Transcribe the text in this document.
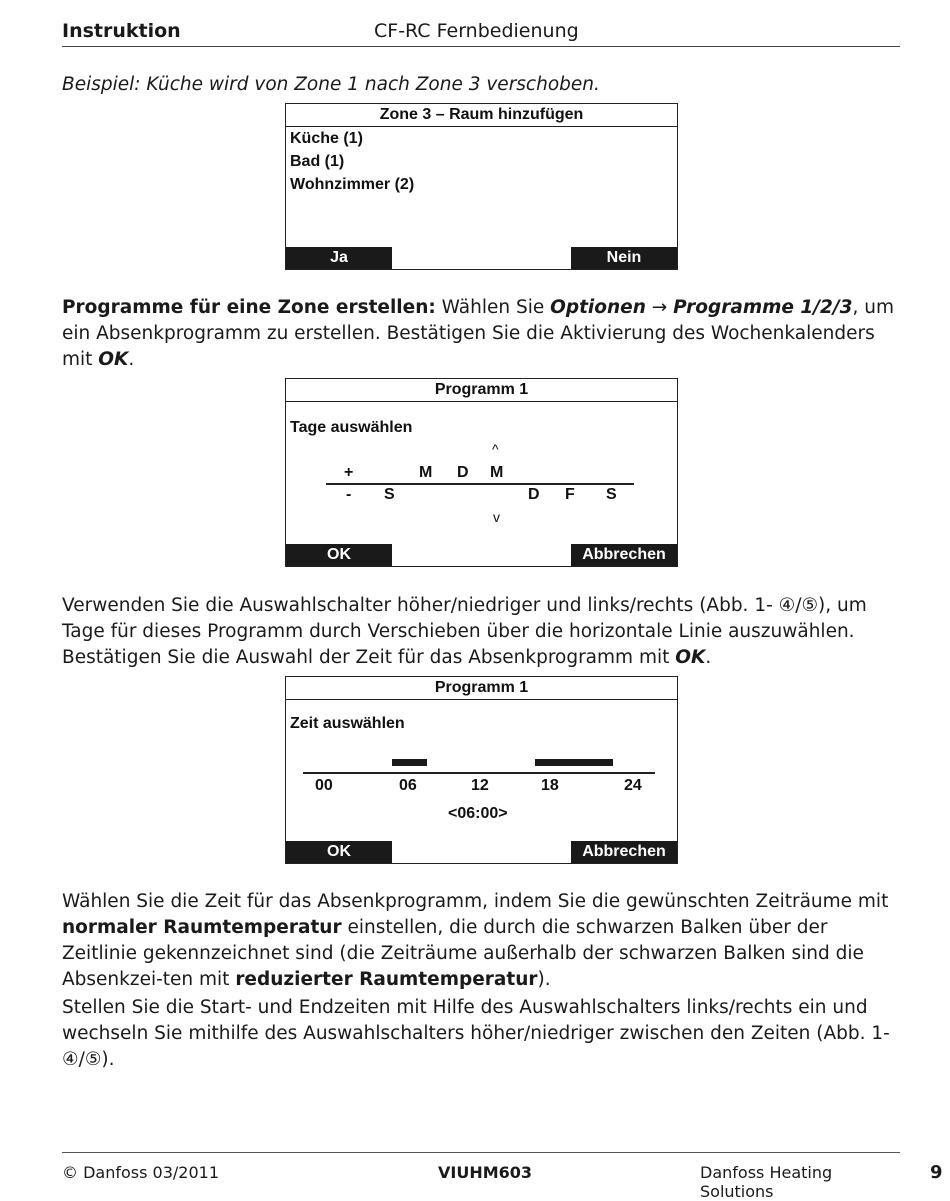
Instruktion	CF-RC Fernbedienung
Beispiel: Küche wird von Zone 1 nach Zone 3 verschoben.
Zone 3 – Raum hinzufügen
Küche (1)
Bad (1)
Wohnzimmer (2)
Ja	Nein
Programme für eine Zone erstellen: Wählen Sie Optionen → Programme 1/2/3, um ein Absenkprogramm zu erstellen. Bestätigen Sie die Aktivierung des Wochenkalenders mit OK.
Programm 1
Tage auswählen
^
+	M D M
- S	D F S
v
OK	Abbrechen
Verwenden Sie die Auswahlschalter höher/niedriger und links/rechts (Abb. 1- ④/⑤), um Tage für dieses Programm durch Verschieben über die horizontale Linie auszuwählen. Bestätigen Sie die Auswahl der Zeit für das Absenkprogramm mit OK.
Programm 1
Zeit auswählen
00	06	12	18	24
<06:00>
OK	Abbrechen
Wählen Sie die Zeit für das Absenkprogramm, indem Sie die gewünschten Zeiträume mit normaler Raumtemperatur einstellen, die durch die schwarzen Balken über der Zeitlinie gekennzeichnet sind (die Zeiträume außerhalb der schwarzen Balken sind die Absenkzei-ten mit reduzierter Raumtemperatur).
Stellen Sie die Start- und Endzeiten mit Hilfe des Auswahlschalters links/rechts ein und wechseln Sie mithilfe des Auswahlschalters höher/niedriger zwischen den Zeiten (Abb. 1- ④/⑤).
© Danfoss 03/2011	VIUHM603	Danfoss Heating Solutions
9
